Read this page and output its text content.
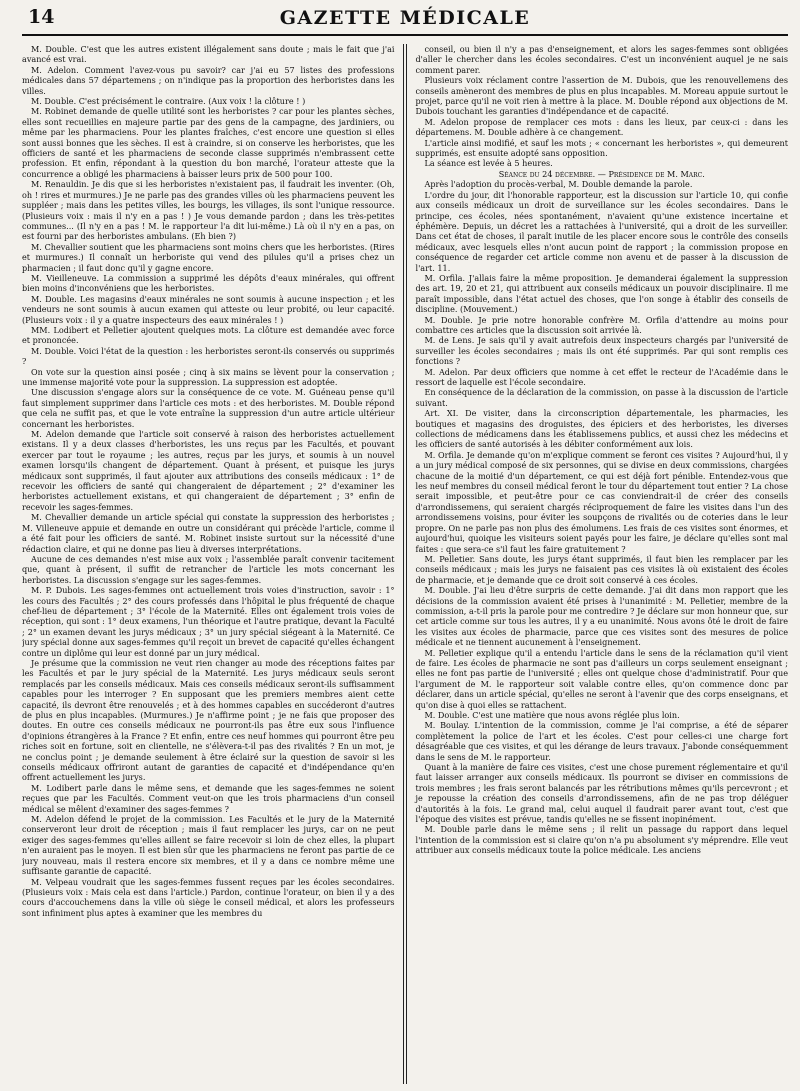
14	GAZETTE MÉDICALE

M. Double. C'est que les autres existent illégalement sans doute ; mais le fait que j'ai avancé est vrai.

M. Adelon. Comment l'avez-vous pu savoir? car j'ai eu 57 listes des professions médicales dans 57 départemens ; on n'indique pas la proportion des herboristes dans les villes.

M. Double. C'est précisément le contraire. (Aux voix ! la clôture ! )

M. Robinet demande de quelle utilité sont les herboristes ? car pour les plantes sèches, elles sont recueillies en majeure partie par des gens de la campagne, des jardiniers, ou même par les pharmaciens. Pour les plantes fraîches, c'est encore une question si elles sont aussi bonnes que les sèches. Il est à craindre, si on conserve les herboristes, que les officiers de santé et les pharmaciens de seconde classe supprimés n'embrassent cette profession. Et enfin, répondant à la question du bon marché, l'orateur atteste que la concurrence a obligé les pharmaciens à baisser leurs prix de 500 pour 100.

M. Renauldin. Je dis que si les herboristes n'existaient pas, il faudrait les inventer. (Oh, oh ! rires et murmures.) Je ne parle pas des grandes villes où les pharmaciens peuvent les suppléer ; mais dans les petites villes, les bourgs, les villages, ils sont l'unique ressource. (Plusieurs voix : mais il n'y en a pas ! ) Je vous demande pardon ; dans les très-petites communes... (Il n'y en a pas ! M. le rapporteur l'a dit lui-même.) Là où il n'y en a pas, on est fourni par des herboristes ambulans. (Eh bien ?)

M. Chevallier soutient que les pharmaciens sont moins chers que les herboristes. (Rires et murmures.) Il connaît un herboriste qui vend des pilules qu'il a prises chez un pharmacien ; il faut donc qu'il y gagne encore.

M. Vieilleneuve. La commission a supprimé les dépôts d'eaux minérales, qui offrent bien moins d'inconvéniens que les herboristes.

M. Double. Les magasins d'eaux minérales ne sont soumis à aucune inspection ; et les vendeurs ne sont soumis à aucun examen qui atteste ou leur probité, ou leur capacité. (Plusieurs voix : il y a quatre inspecteurs des eaux minérales ! )

MM. Lodibert et Pelletier ajoutent quelques mots. La clôture est demandée avec force et prononcée.

M. Double. Voici l'état de la question : les herboristes seront-ils conservés ou supprimés ?

On vote sur la question ainsi posée ; cinq à six mains se lèvent pour la conservation ; une immense majorité vote pour la suppression. La suppression est adoptée.

Une discussion s'engage alors sur la conséquence de ce vote. M. Guéneau pense qu'il faut simplement supprimer dans l'article ces mots : et des herboristes. M. Double répond que cela ne suffit pas, et que le vote entraîne la suppression d'un autre article ultérieur concernant les herboristes.

M. Adelon demande que l'article soit conservé à raison des herboristes actuellement existans. Il y a deux classes d'herboristes, les uns reçus par les Facultés, et pouvant exercer par tout le royaume ; les autres, reçus par les jurys, et soumis à un nouvel examen lorsqu'ils changent de département. Quant à présent, et puisque les jurys médicaux sont supprimés, il faut ajouter aux attributions des conseils médicaux : 1° de recevoir les officiers de santé qui changeraient de département ; 2° d'examiner les herboristes actuellement existans, et qui changeraient de département ; 3° enfin de recevoir les sages-femmes.

M. Chevallier demande un article spécial qui constate la suppression des herboristes ; M. Villeneuve appuie et demande en outre un considérant qui précède l'article, comme il a été fait pour les officiers de santé. M. Robinet insiste surtout sur la nécessité d'une rédaction claire, et qui ne donne pas lieu à diverses interprétations.

Aucune de ces demandes n'est mise aux voix ; l'assemblée paraît convenir tacitement que, quant à présent, il suffit de retrancher de l'article les mots concernant les herboristes. La discussion s'engage sur les sages-femmes.

M. P. Dubois. Les sages-femmes ont actuellement trois voies d'instruction, savoir : 1° les cours des Facultés ; 2° des cours professés dans l'hôpital le plus fréquenté de chaque chef-lieu de département ; 3° l'école de la Maternité. Elles ont également trois voies de réception, qui sont : 1° deux examens, l'un théorique et l'autre pratique, devant la Faculté ; 2° un examen devant les jurys médicaux ; 3° un jury spécial siégeant à la Maternité. Ce jury spécial donne aux sages-femmes qu'il reçoit un brevet de capacité qu'elles échangent contre un diplôme qui leur est donné par un jury médical.

Je présume que la commission ne veut rien changer au mode des réceptions faites par les Facultés et par le jury spécial de la Maternité. Les jurys médicaux seuls seront remplacés par les conseils médicaux. Mais ces conseils médicaux seront-ils suffisamment capables pour les interroger ? En supposant que les premiers membres aient cette capacité, ils devront être renouvelés ; et à des hommes capables en succéderont d'autres de plus en plus incapables. (Murmures.) Je n'affirme point ; je ne fais que proposer des doutes. En outre ces conseils médicaux ne pourront-ils pas être eux sous l'influence d'opinions étrangères à la France ? Et enfin, entre ces neuf hommes qui pourront être peu riches soit en fortune, soit en clientelle, ne s'élèvera-t-il pas des rivalités ? En un mot, je ne conclus point ; je demande seulement à être éclairé sur la question de savoir si les conseils médicaux offriront autant de garanties de capacité et d'indépendance qu'en offrent actuellement les jurys.

M. Lodibert parle dans le même sens, et demande que les sages-femmes ne soient reçues que par les Facultés. Comment veut-on que les trois pharmaciens d'un conseil médical se mêlent d'examiner des sages-femmes ?

M. Adelon défend le projet de la commission. Les Facultés et le jury de la Maternité conserveront leur droit de réception ; mais il faut remplacer les jurys, car on ne peut exiger des sages-femmes qu'elles aillent se faire recevoir si loin de chez elles, la plupart n'en auraient pas le moyen. Il est bien sûr que les pharmaciens ne feront pas partie de ce jury nouveau, mais il restera encore six membres, et il y a dans ce nombre même une suffisante garantie de capacité.

M. Velpeau voudrait que les sages-femmes fussent reçues par les écoles secondaires. (Plusieurs voix : Mais cela est dans l'article.) Pardon, continue l'orateur, on bien il y a des cours d'accouchemens dans la ville où siège le conseil médical, et alors les professeurs sont infiniment plus aptes à examiner que les membres du

conseil, ou bien il n'y a pas d'enseignement, et alors les sages-femmes sont obligées d'aller le chercher dans les écoles secondaires. C'est un inconvénient auquel je ne sais comment parer.

Plusieurs voix réclament contre l'assertion de M. Dubois, que les renouvellemens des conseils amèneront des membres de plus en plus incapables. M. Moreau appuie surtout le projet, parce qu'il ne voit rien à mettre à la place. M. Double répond aux objections de M. Dubois touchant les garanties d'indépendance et de capacité.

M. Adelon propose de remplacer ces mots : dans les lieux, par ceux-ci : dans les départemens. M. Double adhère à ce changement.

L'article ainsi modifié, et sauf les mots ; « concernant les herboristes », qui demeurent supprimés, est ensuite adopté sans opposition.

La séance est levée à 5 heures.

Séance du 24 décembre. — Présidence de M. Marc.

Après l'adoption du procès-verbal, M. Double demande la parole.

L'ordre du jour, dit l'honorable rapporteur, est la discussion sur l'article 10, qui confie aux conseils médicaux un droit de surveillance sur les écoles secondaires. Dans le principe, ces écoles, nées spontanément, n'avaient qu'une existence incertaine et éphémère. Depuis, un décret les a rattachées à l'université, qui a droit de les surveiller. Dans cet état de choses, il paraît inutile de les placer encore sous le contrôle des conseils médicaux, avec lesquels elles n'ont aucun point de rapport ; la commission propose en conséquence de regarder cet article comme non avenu et de passer à la discussion de l'art. 11.

M. Orfila. J'allais faire la même proposition. Je demanderai également la suppression des art. 19, 20 et 21, qui attribuent aux conseils médicaux un pouvoir disciplinaire. Il me paraît impossible, dans l'état actuel des choses, que l'on songe à établir des conseils de discipline. (Mouvement.)

M. Double. Je prie notre honorable confrère M. Orfila d'attendre au moins pour combattre ces articles que la discussion soit arrivée là.

M. de Lens. Je sais qu'il y avait autrefois deux inspecteurs chargés par l'université de surveiller les écoles secondaires ; mais ils ont été supprimés. Par qui sont remplis ces fonctions ?

M. Adelon. Par deux officiers que nomme à cet effet le recteur de l'Académie dans le ressort de laquelle est l'école secondaire.

En conséquence de la déclaration de la commission, on passe à la discussion de l'article suivant.

Art. XI. De visiter, dans la circonscription départementale, les pharmacies, les boutiques et magasins des droguistes, des épiciers et des herboristes, les diverses collections de médicamens dans les établissemens publics, et aussi chez les médecins et les officiers de santé autorisés à les débiter conformément aux lois.

M. Orfila. Je demande qu'on m'explique comment se feront ces visites ? Aujourd'hui, il y a un jury médical composé de six personnes, qui se divise en deux commissions, chargées chacune de la moitié d'un département, ce qui est déjà fort pénible. Entendez-vous que les neuf membres du conseil médical feront le tour du département tout entier ? La chose serait impossible, et peut-être pour ce cas conviendrait-il de créer des conseils d'arrondissemens, qui seraient chargés réciproquement de faire les visites dans l'un des arrondissemens voisins, pour éviter les soupçons de rivalités ou de coteries dans le leur propre. On ne parle pas non plus des émolumens. Les frais de ces visites sont énormes, et aujourd'hui, quoique les visiteurs soient payés pour les faire, je déclare qu'elles sont mal faites : que sera-ce s'il faut les faire gratuitement ?

M. Pelletier. Sans doute, les jurys étant supprimés, il faut bien les remplacer par les conseils médicaux ; mais les jurys ne faisaient pas ces visites là où existaient des écoles de pharmacie, et je demande que ce droit soit conservé à ces écoles.

M. Double. J'ai lieu d'être surpris de cette demande. J'ai dit dans mon rapport que les décisions de la commission avaient été prises à l'unanimité : M. Pelletier, membre de la commission, a-t-il pris la parole pour me contredire ? Je déclare sur mon honneur que, sur cet article comme sur tous les autres, il y a eu unanimité. Nous avons ôté le droit de faire les visites aux écoles de pharmacie, parce que ces visites sont des mesures de police médicale et ne tiennent aucunement à l'enseignement.

M. Pelletier explique qu'il a entendu l'article dans le sens de la réclamation qu'il vient de faire. Les écoles de pharmacie ne sont pas d'ailleurs un corps seulement enseignant ; elles ne font pas partie de l'université ; elles ont quelque chose d'administratif. Pour que l'argument de M. le rapporteur soit valable contre elles, qu'on commence donc par déclarer, dans un article spécial, qu'elles ne seront à l'avenir que des corps enseignans, et qu'on dise à quoi elles se rattachent.

M. Double. C'est une matière que nous avons réglée plus loin.

M. Boulay. L'intention de la commission, comme je l'ai comprise, a été de séparer complètement la police de l'art et les écoles. C'est pour celles-ci une charge fort désagréable que ces visites, et qui les dérange de leurs travaux. J'abonde conséquemment dans le sens de M. le rapporteur.

Quant à la manière de faire ces visites, c'est une chose purement réglementaire et qu'il faut laisser arranger aux conseils médicaux. Ils pourront se diviser en commissions de trois membres ; les frais seront balancés par les rétributions mêmes qu'ils percevront ; et je repousse la création des conseils d'arrondissemens, afin de ne pas trop déléguer d'autorités à la fois. Le grand mal, celui auquel il faudrait parer avant tout, c'est que l'époque des visites est prévue, tandis qu'elles ne se fissent inopinément.

M. Double parle dans le même sens ; il relit un passage du rapport dans lequel l'intention de la commission est si claire qu'on n'a pu absolument s'y méprendre. Elle veut attribuer aux conseils médicaux toute la police médicale. Les anciens
